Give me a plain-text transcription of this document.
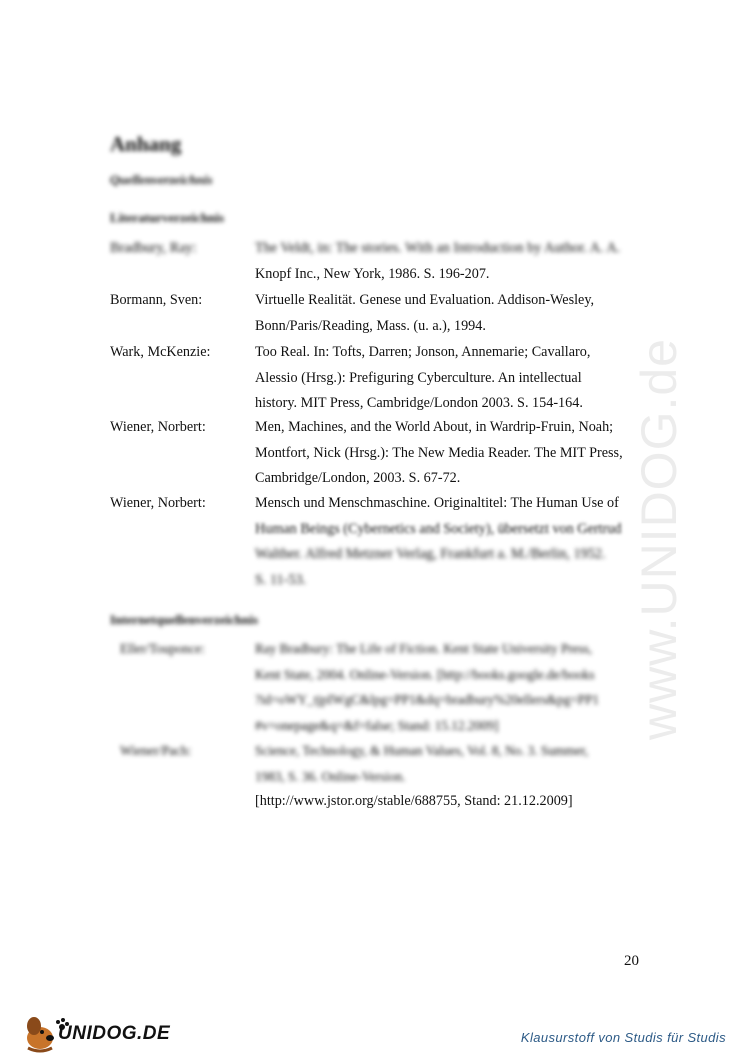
www.UNIDOG.de
Anhang
Quellenverzeichnis
Literaturverzeichnis
Bradbury, Ray:	The Veldt, in: The stories. With an Introduction by Author. A. A.
Knopf Inc., New York, 1986. S. 196-207.
Bormann, Sven:	Virtuelle Realität. Genese und Evaluation. Addison-Wesley,
Bonn/Paris/Reading, Mass. (u. a.), 1994.
Wark, McKenzie:	Too Real. In: Tofts, Darren; Jonson, Annemarie; Cavallaro,
Alessio (Hrsg.): Prefiguring Cyberculture. An intellectual
history. MIT Press, Cambridge/London 2003. S. 154-164.
Wiener, Norbert:	Men, Machines, and the World About, in Wardrip-Fruin, Noah;
Montfort, Nick (Hrsg.): The New Media Reader. The MIT Press,
Cambridge/London, 2003. S. 67-72.
Wiener, Norbert:	Mensch und Menschmaschine. Originaltitel: The Human Use of
Human Beings (Cybernetics and Society), übersetzt von Gertrud
Walther. Alfred Metzner Verlag, Frankfurt a. M./Berlin, 1952.
S. 11-53.
Internetquellenverzeichnis
Eller/Touponce:	Ray Bradbury: The Life of Fiction. Kent State University Press,
Kent State, 2004. Online-Version. [http://books.google.de/books
?id=oWY_tjpIWgC&lpg=PP1&dq=bradbury%20ellers&pg=PP1
#v=onepage&q=&f=false; Stand: 15.12.2009]
Wiener/Pach:	Science, Technology, & Human Values, Vol. 8, No. 3. Summer,
1983, S. 36. Online-Version.
[http://www.jstor.org/stable/688755, Stand: 21.12.2009]
20
UNIDOG.DE	Klausurstoff von Studis für Studis
